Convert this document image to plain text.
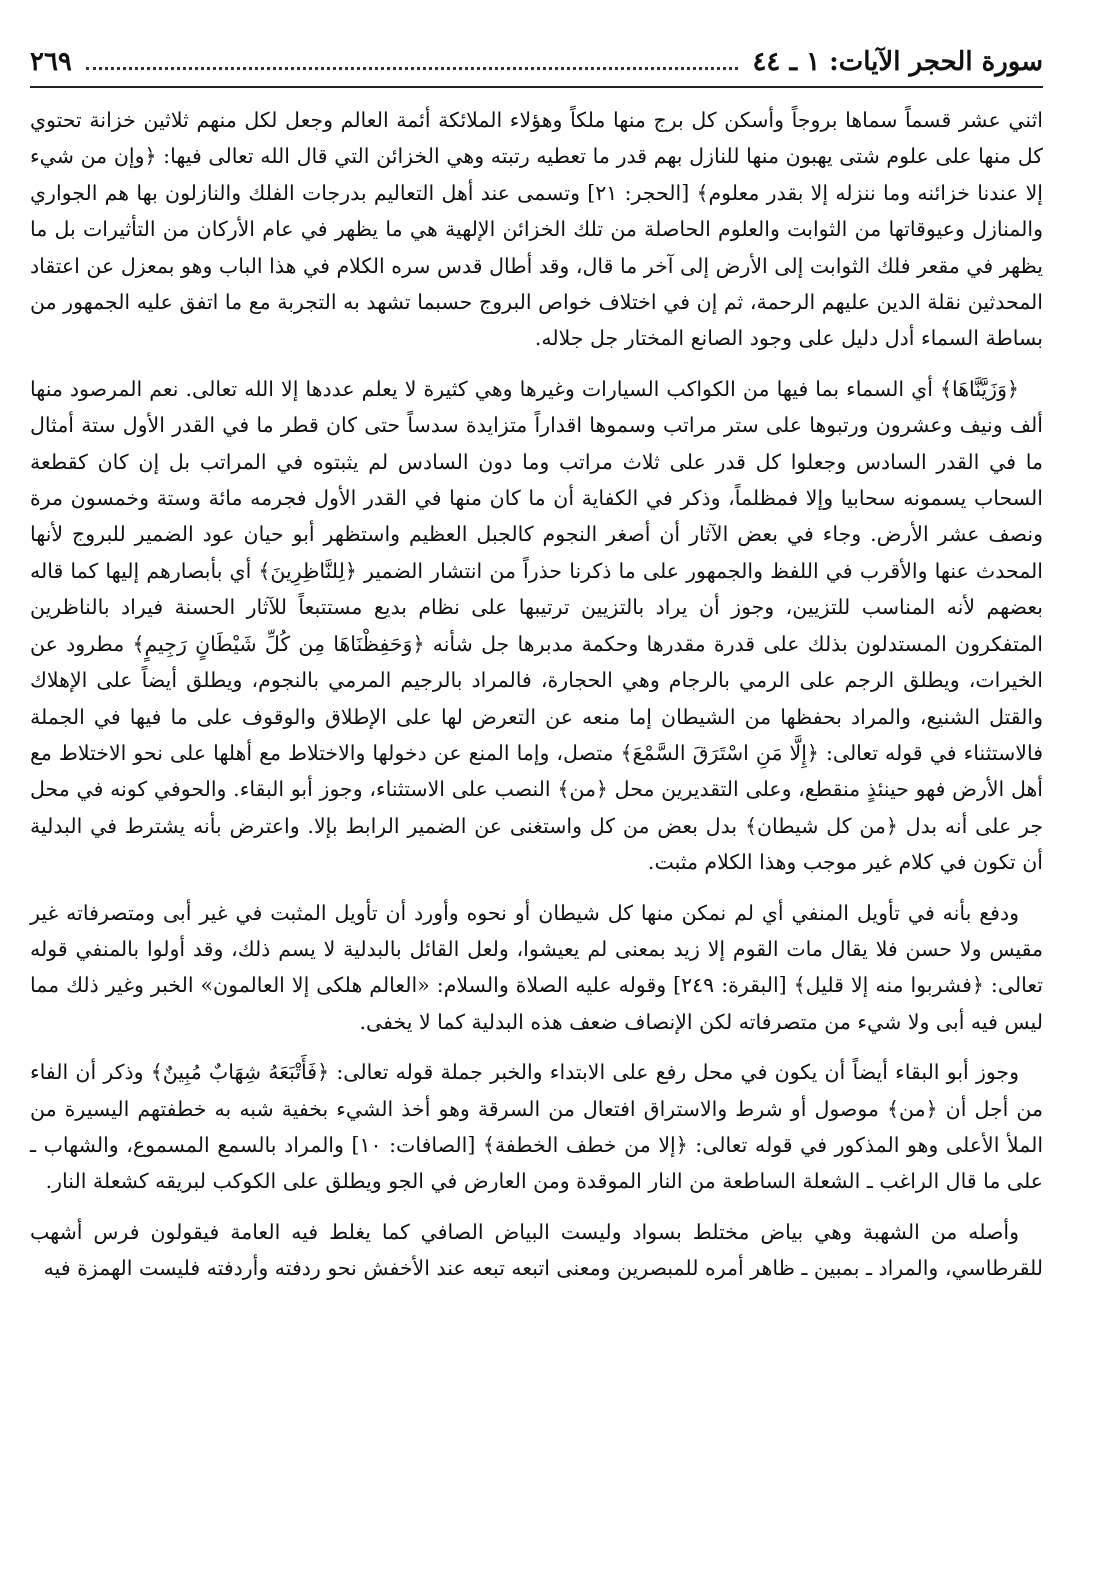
سورة الحجر الآيات: ١ ـ ٤٤
٢٦٩

اثني عشر قسماً سماها بروجاً وأسكن كل برج منها ملكاً وهؤلاء الملائكة أئمة العالم وجعل لكل منهم ثلاثين خزانة تحتوي كل منها على علوم شتى يهبون منها للنازل بهم قدر ما تعطيه رتبته وهي الخزائن التي قال الله تعالى فيها: ﴿وإن من شيء إلا عندنا خزائنه وما ننزله إلا بقدر معلوم﴾ [الحجر: ٢١] وتسمى عند أهل التعاليم بدرجات الفلك والنازلون بها هم الجواري والمنازل وعيوقاتها من الثوابت والعلوم الحاصلة من تلك الخزائن الإلهية هي ما يظهر في عام الأركان من التأثيرات بل ما يظهر في مقعر فلك الثوابت إلى الأرض إلى آخر ما قال، وقد أطال قدس سره الكلام في هذا الباب وهو بمعزل عن اعتقاد المحدثين نقلة الدين عليهم الرحمة، ثم إن في اختلاف خواص البروج حسبما تشهد به التجربة مع ما اتفق عليه الجمهور من بساطة السماء أدل دليل على وجود الصانع المختار جل جلاله.

﴿وَزَيَّنَّاهَا﴾ أي السماء بما فيها من الكواكب السيارات وغيرها وهي كثيرة لا يعلم عددها إلا الله تعالى. نعم المرصود منها ألف ونيف وعشرون ورتبوها على ستر مراتب وسموها اقداراً متزايدة سدساً حتى كان قطر ما في القدر الأول ستة أمثال ما في القدر السادس وجعلوا كل قدر على ثلاث مراتب وما دون السادس لم يثبتوه في المراتب بل إن كان كقطعة السحاب يسمونه سحابيا وإلا فمظلماً، وذكر في الكفاية أن ما كان منها في القدر الأول فجرمه مائة وستة وخمسون مرة ونصف عشر الأرض. وجاء في بعض الآثار أن أصغر النجوم كالجبل العظيم واستظهر أبو حيان عود الضمير للبروج لأنها المحدث عنها والأقرب في اللفظ والجمهور على ما ذكرنا حذراً من انتشار الضمير ﴿لِلنَّاظِرِينَ﴾ أي بأبصارهم إليها كما قاله بعضهم لأنه المناسب للتزيين، وجوز أن يراد بالتزيين ترتيبها على نظام بديع مستتبعاً للآثار الحسنة فيراد بالناظرين المتفكرون المستدلون بذلك على قدرة مقدرها وحكمة مدبرها جل شأنه ﴿وَحَفِظْنَاهَا مِن كُلِّ شَيْطَانٍ رَجِيمٍ﴾ مطرود عن الخيرات، ويطلق الرجم على الرمي بالرجام وهي الحجارة، فالمراد بالرجيم المرمي بالنجوم، ويطلق أيضاً على الإهلاك والقتل الشنيع، والمراد بحفظها من الشيطان إما منعه عن التعرض لها على الإطلاق والوقوف على ما فيها في الجملة فالاستثناء في قوله تعالى: ﴿إِلَّا مَنِ اسْتَرَقَ السَّمْعَ﴾ متصل، وإما المنع عن دخولها والاختلاط مع أهلها على نحو الاختلاط مع أهل الأرض فهو حينئذٍ منقطع، وعلى التقديرين محل ﴿من﴾ النصب على الاستثناء، وجوز أبو البقاء. والحوفي كونه في محل جر على أنه بدل ﴿من كل شيطان﴾ بدل بعض من كل واستغنى عن الضمير الرابط بإلا. واعترض بأنه يشترط في البدلية أن تكون في كلام غير موجب وهذا الكلام مثبت.

ودفع بأنه في تأويل المنفي أي لم نمكن منها كل شيطان أو نحوه وأورد أن تأويل المثبت في غير أبى ومتصرفاته غير مقيس ولا حسن فلا يقال مات القوم إلا زيد بمعنى لم يعيشوا، ولعل القائل بالبدلية لا يسم ذلك، وقد أولوا بالمنفي قوله تعالى: ﴿فشربوا منه إلا قليل﴾ [البقرة: ٢٤٩] وقوله عليه الصلاة والسلام: «العالم هلكى إلا العالمون» الخبر وغير ذلك مما ليس فيه أبى ولا شيء من متصرفاته لكن الإنصاف ضعف هذه البدلية كما لا يخفى.

وجوز أبو البقاء أيضاً أن يكون في محل رفع على الابتداء والخبر جملة قوله تعالى: ﴿فَأَتْبَعَهُ شِهَابٌ مُبِينٌ﴾ وذكر أن الفاء من أجل أن ﴿من﴾ موصول أو شرط والاستراق افتعال من السرقة وهو أخذ الشيء بخفية شبه به خطفتهم اليسيرة من الملأ الأعلى وهو المذكور في قوله تعالى: ﴿إلا من خطف الخطفة﴾ [الصافات: ١٠] والمراد بالسمع المسموع، والشهاب ـ على ما قال الراغب ـ الشعلة الساطعة من النار الموقدة ومن العارض في الجو ويطلق على الكوكب لبريقه كشعلة النار.

وأصله من الشهبة وهي بياض مختلط بسواد وليست البياض الصافي كما يغلط فيه العامة فيقولون فرس أشهب للقرطاسي، والمراد ـ بمبين ـ ظاهر أمره للمبصرين ومعنى اتبعه تبعه عند الأخفش نحو ردفته وأردفته فليست الهمزة فيه
